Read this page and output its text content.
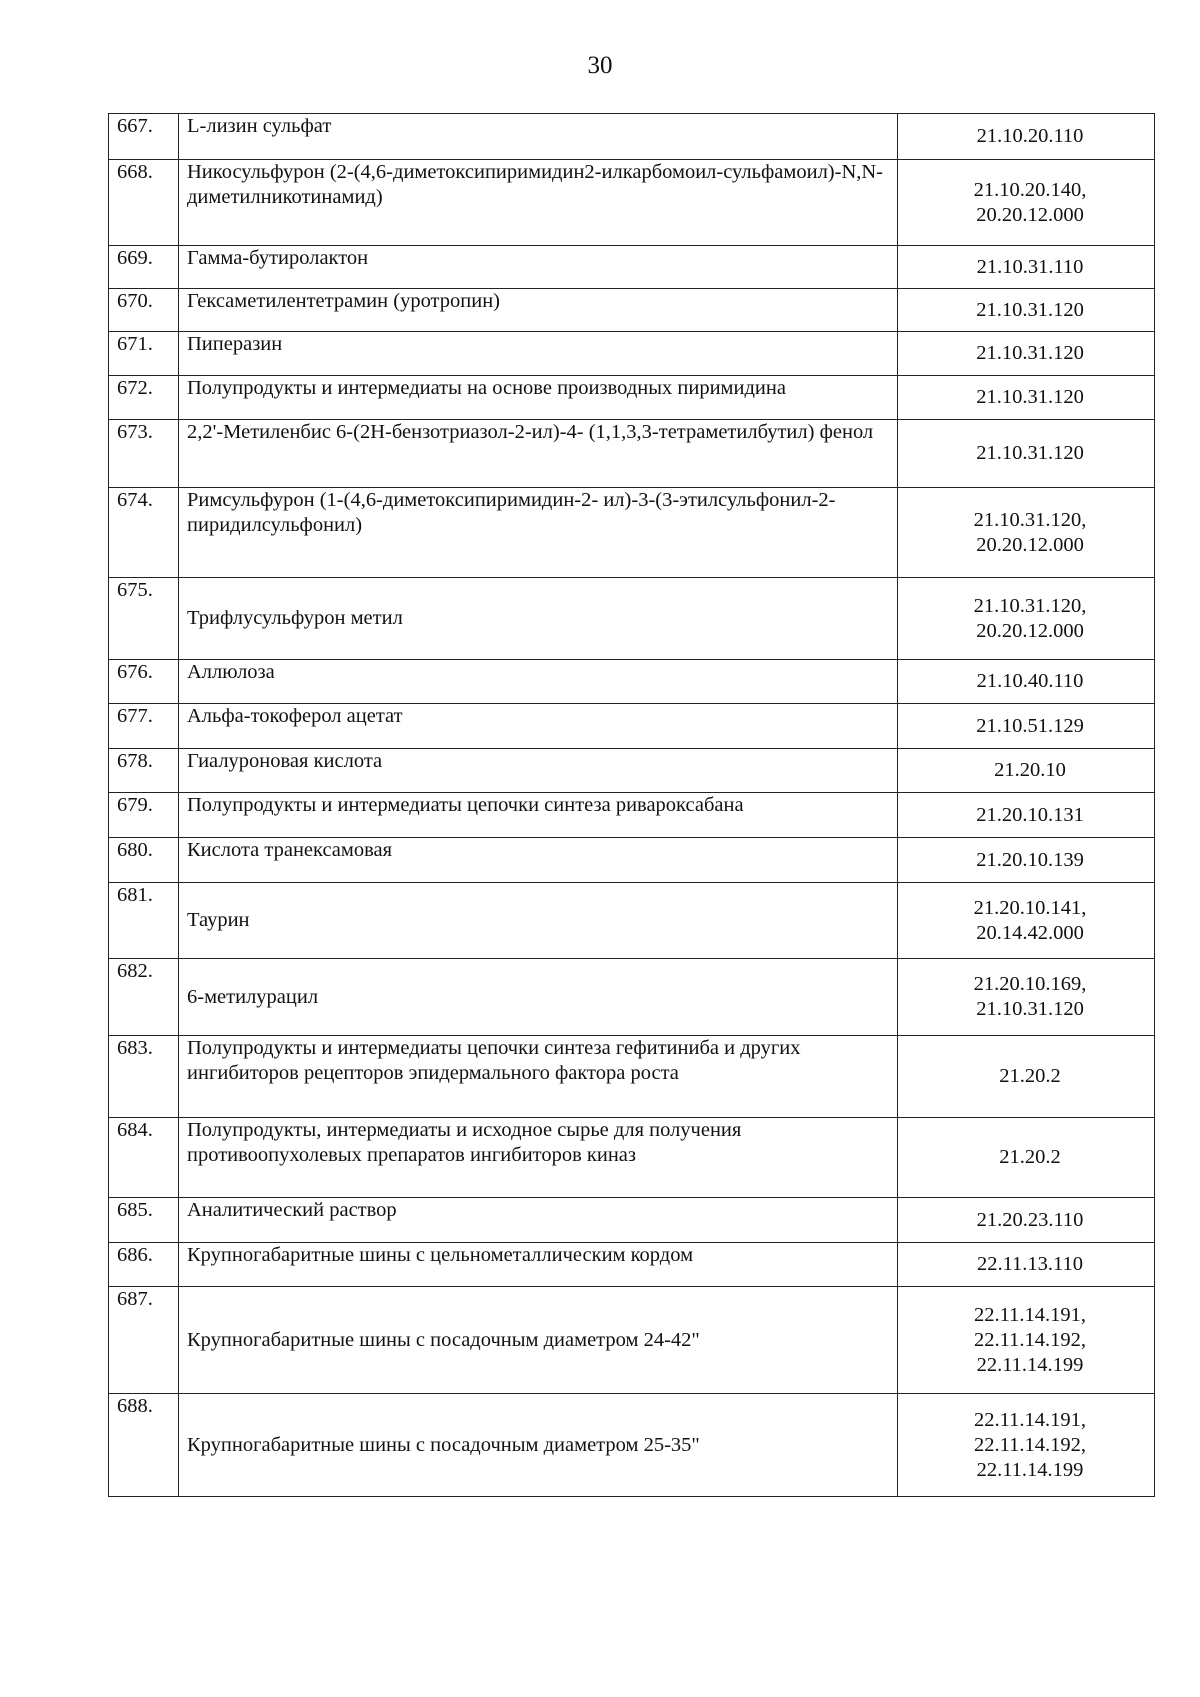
30
667.	L-лизин сульфат	21.10.20.110
668.	Никосульфурон (2-(4,6-диметоксипиримидин2-илкарбомоил-сульфамоил)-N,N-диметилникотинамид)	21.10.20.140,
20.20.12.000
669.	Гамма-бутиролактон	21.10.31.110
670.	Гексаметилентетрамин (уротропин)	21.10.31.120
671.	Пиперазин	21.10.31.120
672.	Полупродукты и интермедиаты на основе производных пиримидина	21.10.31.120
673.	2,2'-Метиленбис 6-(2Н-бензотриазол-2-ил)-4- (1,1,3,3-тетраметилбутил) фенол	21.10.31.120
674.	Римсульфурон (1-(4,6-диметоксипиримидин-2- ил)-3-(3-этилсульфонил-2-пиридилсульфонил)	21.10.31.120,
20.20.12.000
675.	Трифлусульфурон метил	21.10.31.120,
20.20.12.000
676.	Аллюлоза	21.10.40.110
677.	Альфа-токоферол ацетат	21.10.51.129
678.	Гиалуроновая кислота	21.20.10
679.	Полупродукты и интермедиаты цепочки синтеза ривароксабана	21.20.10.131
680.	Кислота транексамовая	21.20.10.139
681.	Таурин	21.20.10.141,
20.14.42.000
682.	6-метилурацил	21.20.10.169,
21.10.31.120
683.	Полупродукты и интермедиаты цепочки синтеза гефитиниба и других ингибиторов рецепторов эпидермального фактора роста	21.20.2
684.	Полупродукты, интермедиаты и исходное сырье для получения противоопухолевых препаратов ингибиторов киназ	21.20.2
685.	Аналитический раствор	21.20.23.110
686.	Крупногабаритные шины с цельнометаллическим кордом	22.11.13.110
687.	Крупногабаритные шины с посадочным диаметром 24-42"	22.11.14.191,
22.11.14.192,
22.11.14.199
688.	Крупногабаритные шины с посадочным диаметром 25-35"	22.11.14.191,
22.11.14.192,
22.11.14.199
